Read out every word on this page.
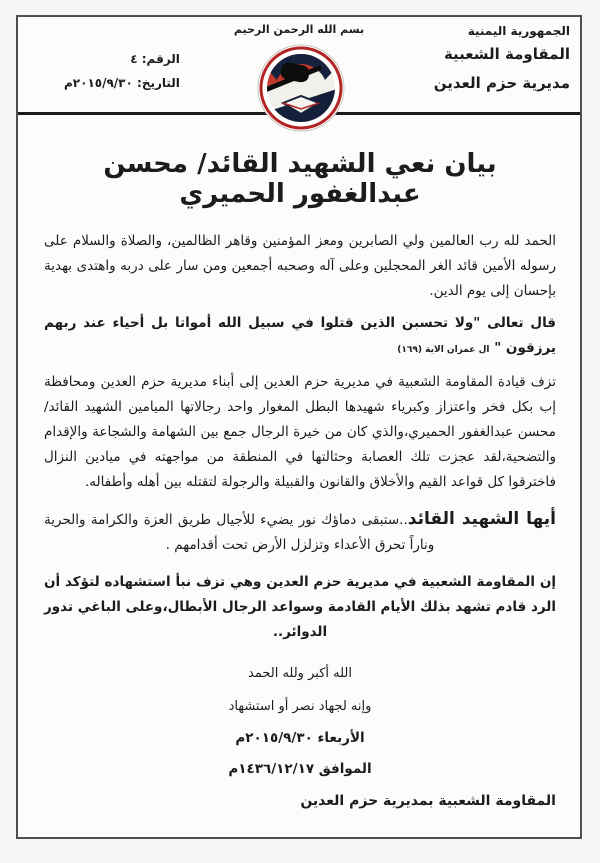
الجمهورية اليمنية
المقاومة الشعبية
مديرية حزم العدين
بسم الله الرحمن الرحيم
الرقم: ٤
التاريخ: ٢٠١٥/٩/٣٠م
بيان نعي الشهيد القائد/ محسن عبدالغفور الحميري

الحمد لله رب العالمين ولي الصابرين ومعز المؤمنين وقاهر الظالمين، والصلاة والسلام على رسوله الأمين قائد الغر المحجلين وعلى آله وصحبه أجمعين ومن سار على دربه واهتدى بهدية بإحسان إلى يوم الدين.

قال تعالى "ولا تحسبن الذين قتلوا في سبيل الله أمواتا بل أحياء عند ربهم يرزقون " ال عمران الاية (١٦٩)

تزف قيادة المقاومة الشعبية في مديرية حزم العدين إلى أبناء مديرية حزم العدين ومحافظة إب بكل فخر واعتزاز وكبرياء شهيدها البطل المغوار واحد رجالاتها الميامين الشهيد القائد/ محسن عبدالغفور الحميري،والذي كان من خيرة الرجال جمع بين الشهامة والشجاعة والإقدام والتضحية،لقد عجزت تلك العصابة وحثالتها في المنطقة من مواجهته في ميادين النزال فاخترقوا كل قواعد القيم والأخلاق والقانون والقبيلة والرجولة لتقتله بين أهله وأطفاله.

أيها الشهيد القائد..ستبقى دماؤك نور يضيء للأجيال طريق العزة والكرامة والحرية وناراً تحرق الأعداء وتزلزل الأرض تحت أقدامهم .

إن المقاومة الشعبية في مديرية حزم العدين وهي تزف نبأ استشهاده لتؤكد أن الرد قادم تشهد بذلك الأيام القادمة وسواعد الرجال الأبطال،وعلى الباغي تدور الدوائر..

الله أكبر ولله الحمد
وإنه لجهاد نصر أو استشهاد
الأربعاء ٢٠١٥/٩/٣٠م
الموافق ١٤٣٦/١٢/١٧م
المقاومة الشعبية بمديرية حزم العدين
